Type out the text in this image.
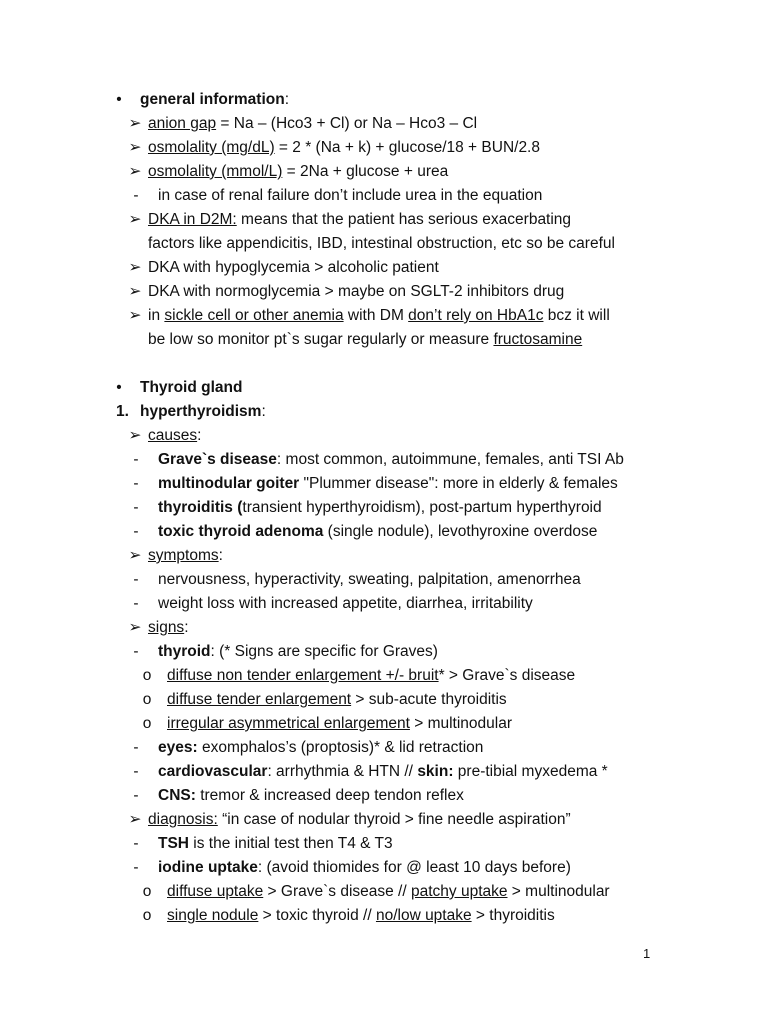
1
•	general information:
➢ anion gap = Na – (Hco3 + Cl) or Na – Hco3 – Cl
➢ osmolality (mg/dL) = 2 * (Na + k) + glucose/18 + BUN/2.8
➢ osmolality (mmol/L) = 2Na + glucose + urea
-	in case of renal failure don’t include urea in the equation
➢ DKA in D2M: means that the patient has serious exacerbating
factors like appendicitis, IBD, intestinal obstruction, etc so be careful
➢ DKA with hypoglycemia > alcoholic patient
➢ DKA with normoglycemia > maybe on SGLT-2 inhibitors drug
➢ in sickle cell or other anemia with DM don’t rely on HbA1c bcz it will
be low so monitor pt`s sugar regularly or measure fructosamine
•	Thyroid gland
1. hyperthyroidism:
➢ causes:
-	Grave`s disease: most common, autoimmune, females, anti TSI Ab
-	multinodular goiter "Plummer disease": more in elderly & females
-	thyroiditis (transient hyperthyroidism), post-partum hyperthyroid
-	toxic thyroid adenoma (single nodule), levothyroxine overdose
➢ symptoms:
-	nervousness, hyperactivity, sweating, palpitation, amenorrhea
-	weight loss with increased appetite, diarrhea, irritability
➢ signs:
-	thyroid: (* Signs are specific for Graves)
o	diffuse non tender enlargement +/- bruit* > Grave`s disease
o	diffuse tender enlargement > sub-acute thyroiditis
o	irregular asymmetrical enlargement > multinodular
-	eyes: exomphalos’s (proptosis)* & lid retraction
-	cardiovascular: arrhythmia & HTN // skin: pre-tibial myxedema *
-	CNS: tremor & increased deep tendon reflex
➢ diagnosis: “in case of nodular thyroid > fine needle aspiration”
-	TSH is the initial test then T4 & T3
-	iodine uptake: (avoid thiomides for @ least 10 days before)
o	diffuse uptake > Grave`s disease // patchy uptake > multinodular
o	single nodule > toxic thyroid // no/low uptake > thyroiditis
